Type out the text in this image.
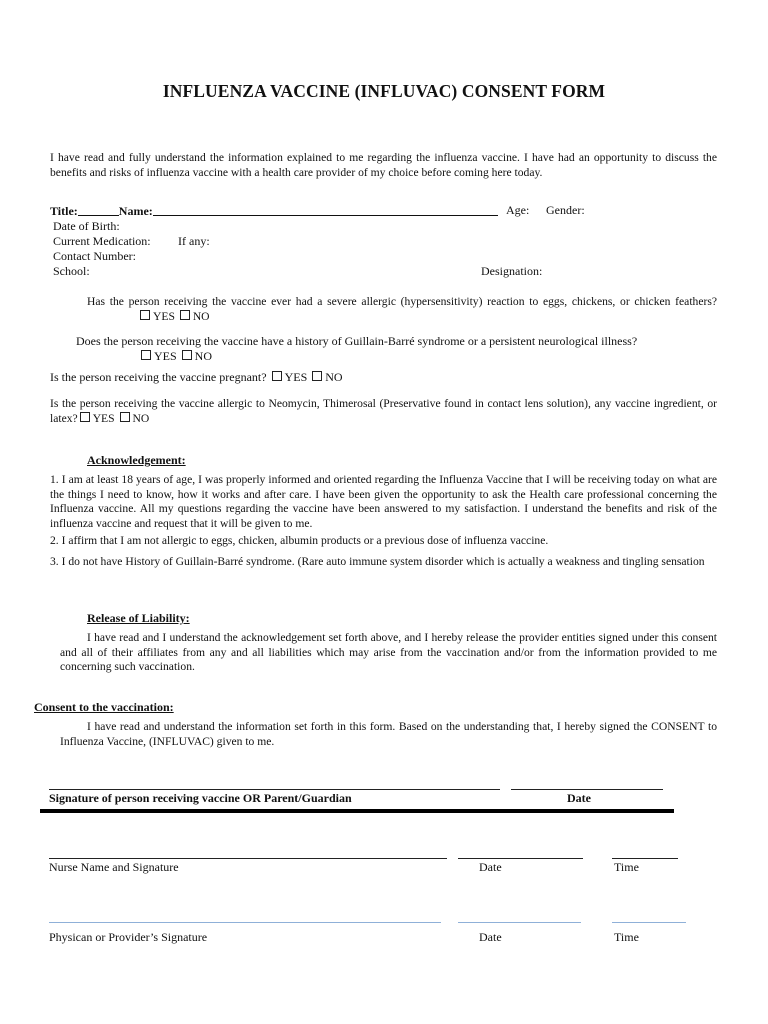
INFLUENZA VACCINE (INFLUVAC) CONSENT FORM
I have read and fully understand the information explained to me regarding the influenza vaccine. I have had an opportunity to discuss the benefits and risks of influenza vaccine with a health care provider of my choice before coming here today.
Title:	Name:	Age: Gender:
Date of Birth:
Current Medication: If any:
Contact Number:
School:	Designation:
Has the person receiving the vaccine ever had a severe allergic (hypersensitivity) reaction to eggs, chickens, or chicken feathers? YES NO
Does the person receiving the vaccine have a history of Guillain-Barré syndrome or a persistent neurological illness?
YES NO
Is the person receiving the vaccine pregnant? YES NO
Is the person receiving the vaccine allergic to Neomycin, Thimerosal (Preservative found in contact lens solution), any vaccine ingredient, or latex? YES NO
Acknowledgement:
1. I am at least 18 years of age, I was properly informed and oriented regarding the Influenza Vaccine that I will be receiving today on what are the things I need to know, how it works and after care. I have been given the opportunity to ask the Health care professional concerning the Influenza vaccine. All my questions regarding the vaccine have been answered to my satisfaction. I understand the benefits and risk of the influenza vaccine and request that it will be given to me.
2. I affirm that I am not allergic to eggs, chicken, albumin products or a previous dose of influenza vaccine.
3. I do not have History of Guillain-Barré syndrome. (Rare auto immune system disorder which is actually a weakness and tingling sensation
Release of Liability:
I have read and I understand the acknowledgement set forth above, and I hereby release the provider entities signed under this consent and all of their affiliates from any and all liabilities which may arise from the vaccination and/or from the information provided to me concerning such vaccination.
Consent to the vaccination:
I have read and understand the information set forth in this form. Based on the understanding that, I hereby signed the CONSENT to Influenza Vaccine, (INFLUVAC) given to me.
Signature of person receiving vaccine OR Parent/Guardian	Date
Nurse Name and Signature	Date	Time
Physican or Provider’s Signature	Date	Time
